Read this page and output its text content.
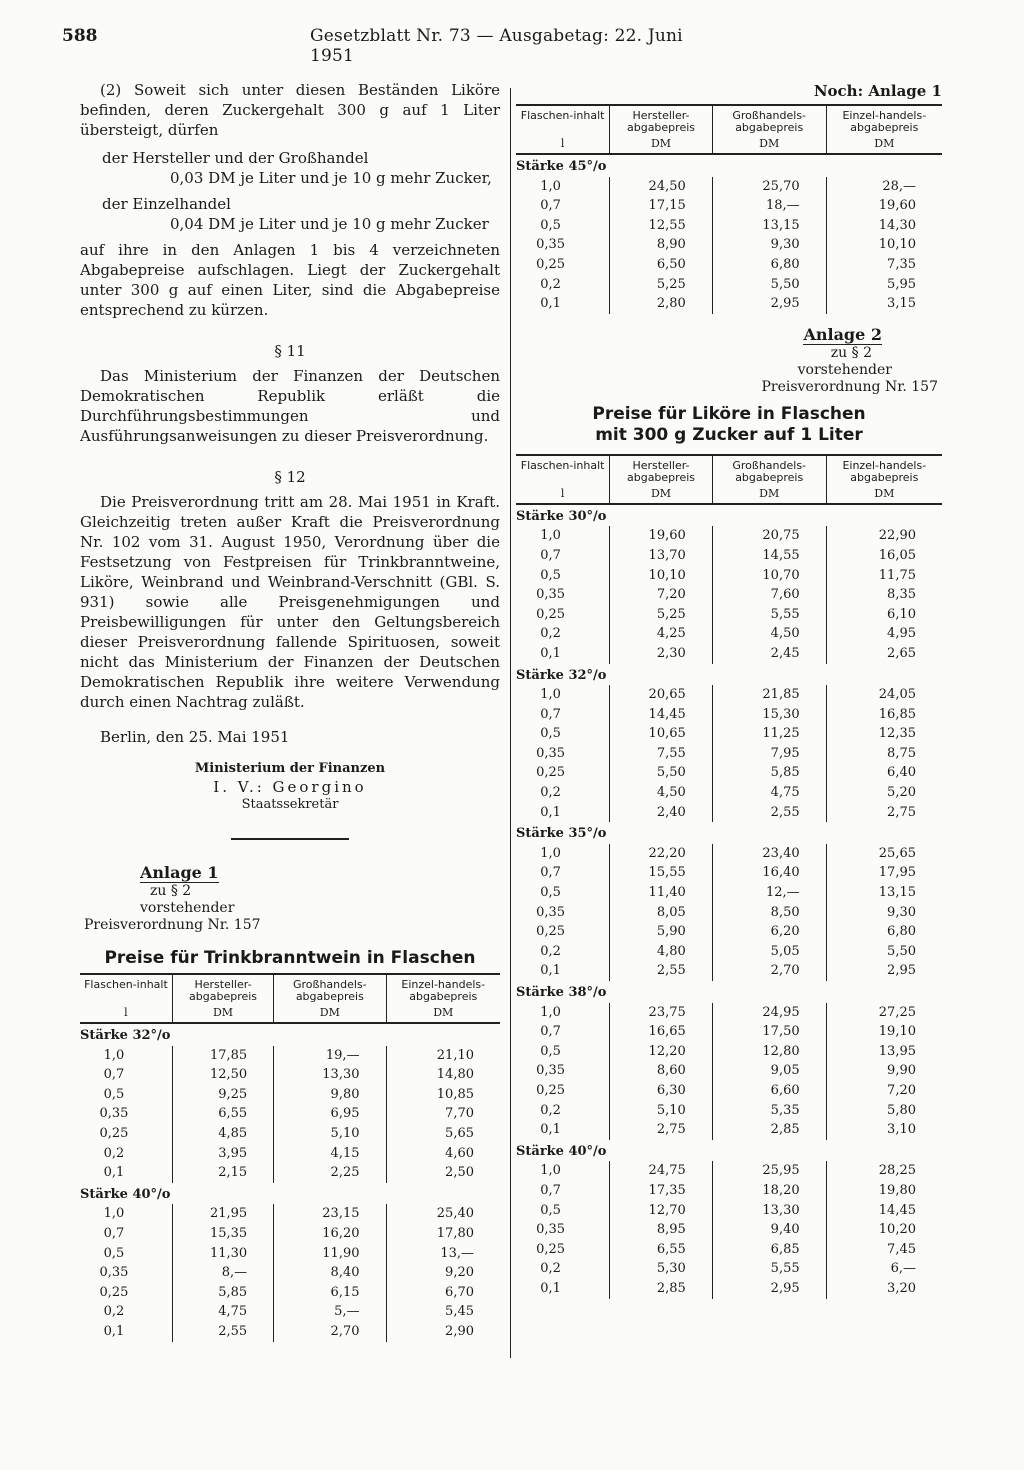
588	Gesetzblatt Nr. 73 — Ausgabetag: 22. Juni 1951

(2) Soweit sich unter diesen Beständen Liköre befinden, deren Zuckergehalt 300 g auf 1 Liter übersteigt, dürfen

der Hersteller und der Großhandel
0,03 DM je Liter und je 10 g mehr Zucker,
der Einzelhandel
0,04 DM je Liter und je 10 g mehr Zucker

auf ihre in den Anlagen 1 bis 4 verzeichneten Abgabepreise aufschlagen. Liegt der Zuckergehalt unter 300 g auf einen Liter, sind die Abgabepreise entsprechend zu kürzen.

§ 11

Das Ministerium der Finanzen der Deutschen Demokratischen Republik erläßt die Durchführungsbestimmungen und Ausführungsanweisungen zu dieser Preisverordnung.

§ 12

Die Preisverordnung tritt am 28. Mai 1951 in Kraft. Gleichzeitig treten außer Kraft die Preisverordnung Nr. 102 vom 31. August 1950, Verordnung über die Festsetzung von Festpreisen für Trinkbranntweine, Liköre, Weinbrand und Weinbrand-Verschnitt (GBl. S. 931) sowie alle Preisgenehmigungen und Preisbewilligungen für unter den Geltungsbereich dieser Preisverordnung fallende Spirituosen, soweit nicht das Ministerium der Finanzen der Deutschen Demokratischen Republik ihre weitere Verwendung durch einen Nachtrag zuläßt.

Berlin, den 25. Mai 1951
Ministerium der Finanzen
I. V.: Georgino
Staatssekretär
Anlage 1
zu § 2
vorstehender
Preisverordnung Nr. 157
Preise für Trinkbranntwein in Flaschen
Flaschen-inhalt	Hersteller-abgabepreis	Großhandels-abgabepreis	Einzel-handels-abgabepreis
l	DM	DM	DM
Stärke 32°/o			
1,0	17,85	19,—	21,10
0,7	12,50	13,30	14,80
0,5	9,25	9,80	10,85
0,35	6,55	6,95	7,70
0,25	4,85	5,10	5,65
0,2	3,95	4,15	4,60
0,1	2,15	2,25	2,50
Stärke 40°/o			
1,0	21,95	23,15	25,40
0,7	15,35	16,20	17,80
0,5	11,30	11,90	13,—
0,35	8,—	8,40	9,20
0,25	5,85	6,15	6,70
0,2	4,75	5,—	5,45
0,1	2,55	2,70	2,90
Noch: Anlage 1
Flaschen-inhalt	Hersteller-abgabepreis	Großhandels-abgabepreis	Einzel-handels-abgabepreis
l	DM	DM	DM
Stärke 45°/o			
1,0	24,50	25,70	28,—
0,7	17,15	18,—	19,60
0,5	12,55	13,15	14,30
0,35	8,90	9,30	10,10
0,25	6,50	6,80	7,35
0,2	5,25	5,50	5,95
0,1	2,80	2,95	3,15
Anlage 2
zu § 2
vorstehender
Preisverordnung Nr. 157
Preise für Liköre in Flaschen
mit 300 g Zucker auf 1 Liter
Flaschen-inhalt	Hersteller-abgabepreis	Großhandels-abgabepreis	Einzel-handels-abgabepreis
l	DM	DM	DM
Stärke 30°/o			
1,0	19,60	20,75	22,90
0,7	13,70	14,55	16,05
0,5	10,10	10,70	11,75
0,35	7,20	7,60	8,35
0,25	5,25	5,55	6,10
0,2	4,25	4,50	4,95
0,1	2,30	2,45	2,65
Stärke 32°/o			
1,0	20,65	21,85	24,05
0,7	14,45	15,30	16,85
0,5	10,65	11,25	12,35
0,35	7,55	7,95	8,75
0,25	5,50	5,85	6,40
0,2	4,50	4,75	5,20
0,1	2,40	2,55	2,75
Stärke 35°/o			
1,0	22,20	23,40	25,65
0,7	15,55	16,40	17,95
0,5	11,40	12,—	13,15
0,35	8,05	8,50	9,30
0,25	5,90	6,20	6,80
0,2	4,80	5,05	5,50
0,1	2,55	2,70	2,95
Stärke 38°/o			
1,0	23,75	24,95	27,25
0,7	16,65	17,50	19,10
0,5	12,20	12,80	13,95
0,35	8,60	9,05	9,90
0,25	6,30	6,60	7,20
0,2	5,10	5,35	5,80
0,1	2,75	2,85	3,10
Stärke 40°/o			
1,0	24,75	25,95	28,25
0,7	17,35	18,20	19,80
0,5	12,70	13,30	14,45
0,35	8,95	9,40	10,20
0,25	6,55	6,85	7,45
0,2	5,30	5,55	6,—
0,1	2,85	2,95	3,20
